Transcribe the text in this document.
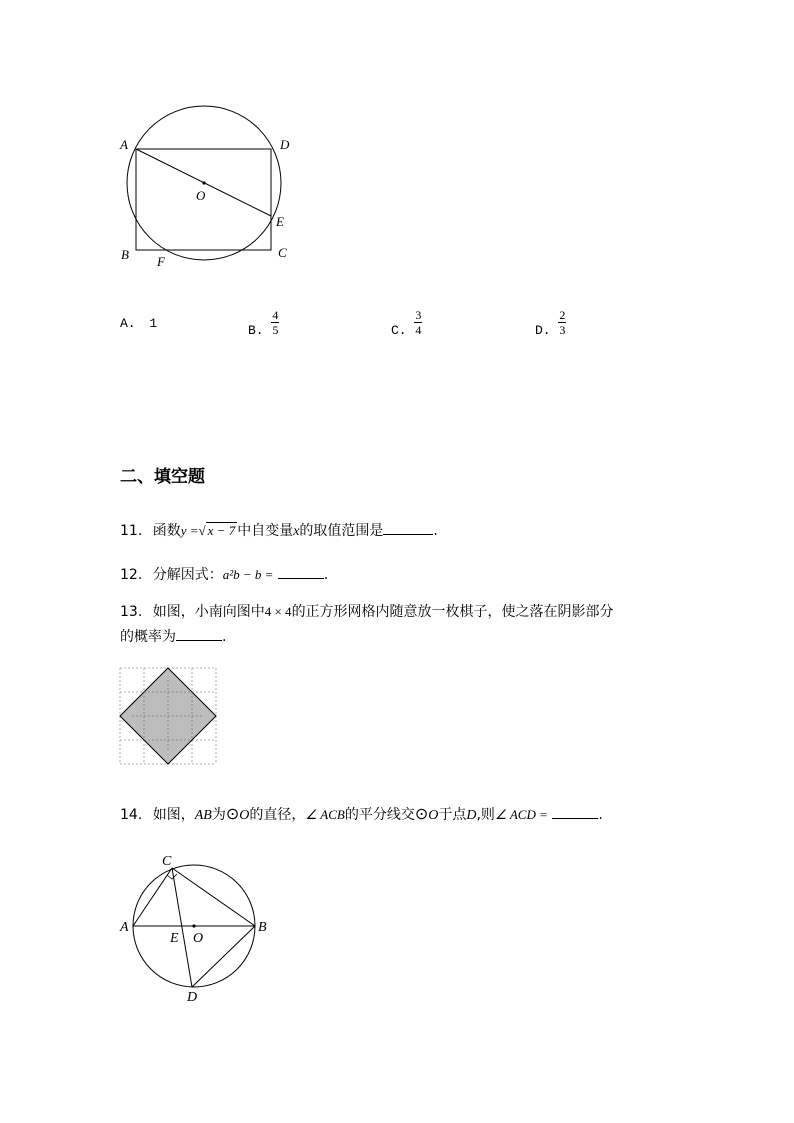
A	D
O
E
B	C
F
A. 1	B. $\frac{4}{5}$	C. $\frac{3}{4}$	D. $\frac{2}{3}$
二、填空题
11. 函数y =√ x − 7 中自变量x的取值范围是	.
12. 分解因式：a²b − b =	.
13. 如图，小南向图中4 × 4的正方形网格内随意放一枚棋子，使之落在阴影部分
的概率为	.
14. 如图，AB为⊙O的直径，∠ ACB的平分线交⊙O于点D,则∠ ACD =	.
C
A	B
E O
D
